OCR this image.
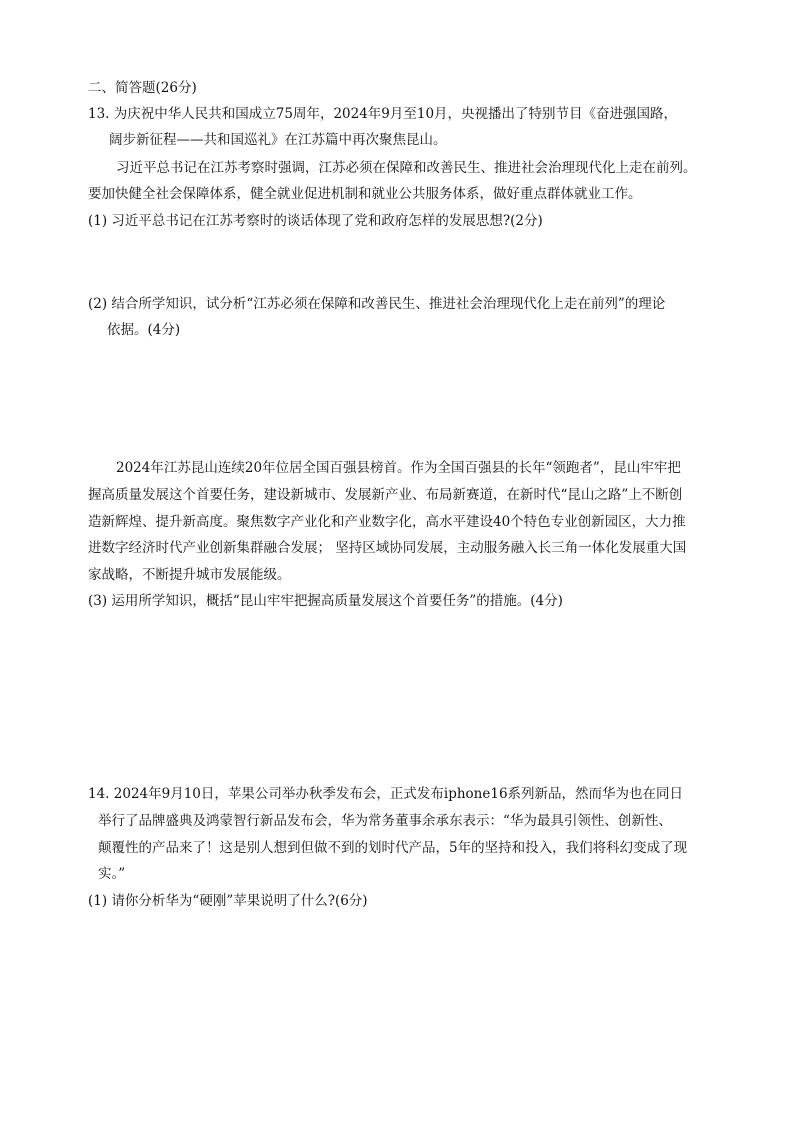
二、简答题(26分)
13. 为庆祝中华人民共和国成立75周年，2024年9月至10月，央视播出了特别节目《奋进强国路，
阔步新征程——共和国巡礼》在江苏篇中再次聚焦昆山。
习近平总书记在江苏考察时强调，江苏必须在保障和改善民生、推进社会治理现代化上走在前列。
要加快健全社会保障体系，健全就业促进机制和就业公共服务体系，做好重点群体就业工作。
(1) 习近平总书记在江苏考察时的谈话体现了党和政府怎样的发展思想?(2分)
(2) 结合所学知识，试分析“江苏必须在保障和改善民生、推进社会治理现代化上走在前列”的理论
依据。(4分)
2024年江苏昆山连续20年位居全国百强县榜首。作为全国百强县的长年“领跑者”，昆山牢牢把
握高质量发展这个首要任务，建设新城市、发展新产业、布局新赛道，在新时代“昆山之路”上不断创
造新辉煌、提升新高度。聚焦数字产业化和产业数字化，高水平建设40个特色专业创新园区，大力推
进数字经济时代产业创新集群融合发展； 坚持区域协同发展，主动服务融入长三角一体化发展重大国
家战略，不断提升城市发展能级。
(3) 运用所学知识，概括“昆山牢牢把握高质量发展这个首要任务”的措施。(4分)
14. 2024年9月10日，苹果公司举办秋季发布会，正式发布iphone16系列新品，然而华为也在同日
举行了品牌盛典及鸿蒙智行新品发布会，华为常务董事余承东表示：“华为最具引领性、创新性、
颠覆性的产品来了！这是别人想到但做不到的划时代产品，5年的坚持和投入，我们将科幻变成了现
实。”
(1) 请你分析华为“硬刚”苹果说明了什么?(6分)
